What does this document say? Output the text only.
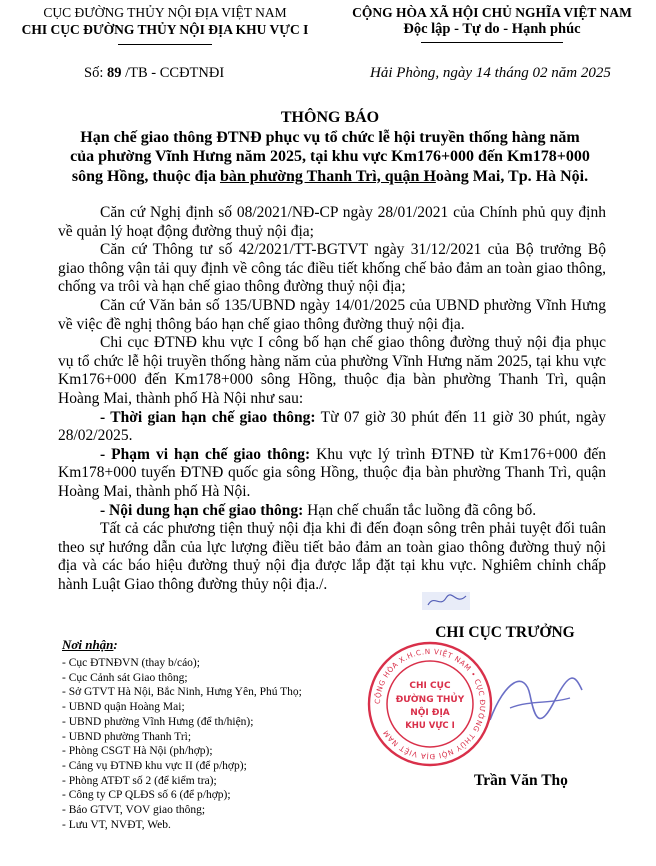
CỤC ĐƯỜNG THỦY NỘI ĐỊA VIỆT NAM
CHI CỤC ĐƯỜNG THỦY NỘI ĐỊA KHU VỰC I
CỘNG HÒA XÃ HỘI CHỦ NGHĨA VIỆT NAM
Độc lập - Tự do - Hạnh phúc
Số: 89 /TB - CCĐTNĐI	Hải Phòng, ngày 14 tháng 02 năm 2025
THÔNG BÁO
Hạn chế giao thông ĐTNĐ phục vụ tổ chức lễ hội truyền thống hàng năm
của phường Vĩnh Hưng năm 2025, tại khu vực Km176+000 đến Km178+000
sông Hồng, thuộc địa bàn phường Thanh Trì, quận Hoàng Mai, Tp. Hà Nội.

Căn cứ Nghị định số 08/2021/NĐ-CP ngày 28/01/2021 của Chính phủ quy định về quản lý hoạt động đường thuỷ nội địa;

Căn cứ Thông tư số 42/2021/TT-BGTVT ngày 31/12/2021 của Bộ trưởng Bộ giao thông vận tải quy định về công tác điều tiết khống chế bảo đảm an toàn giao thông, chống va trôi và hạn chế giao thông đường thuỷ nội địa;

Căn cứ Văn bản số 135/UBND ngày 14/01/2025 của UBND phường Vĩnh Hưng về việc đề nghị thông báo hạn chế giao thông đường thuỷ nội địa.

Chi cục ĐTNĐ khu vực I công bố hạn chế giao thông đường thuỷ nội địa phục vụ tổ chức lễ hội truyền thống hàng năm của phường Vĩnh Hưng năm 2025, tại khu vực Km176+000 đến Km178+000 sông Hồng, thuộc địa bàn phường Thanh Trì, quận Hoàng Mai, thành phố Hà Nội như sau:

- Thời gian hạn chế giao thông: Từ 07 giờ 30 phút đến 11 giờ 30 phút, ngày 28/02/2025.

- Phạm vi hạn chế giao thông: Khu vực lý trình ĐTNĐ từ Km176+000 đến Km178+000 tuyến ĐTNĐ quốc gia sông Hồng, thuộc địa bàn phường Thanh Trì, quận Hoàng Mai, thành phố Hà Nội.

- Nội dung hạn chế giao thông: Hạn chế chuẩn tắc luồng đã công bố.

Tất cả các phương tiện thuỷ nội địa khi đi đến đoạn sông trên phải tuyệt đối tuân theo sự hướng dẫn của lực lượng điều tiết bảo đảm an toàn giao thông đường thuỷ nội địa và các báo hiệu đường thuỷ nội địa được lắp đặt tại khu vực. Nghiêm chỉnh chấp hành Luật Giao thông đường thủy nội địa./.

Nơi nhận:
- Cục ĐTNĐVN (thay b/cáo);
- Cục Cảnh sát Giao thông;
- Sở GTVT Hà Nội, Bắc Ninh, Hưng Yên, Phú Thọ;
- UBND quận Hoàng Mai;
- UBND phường Vĩnh Hưng (để th/hiện);
- UBND phường Thanh Trì;
- Phòng CSGT Hà Nội (ph/hợp);
- Cảng vụ ĐTNĐ khu vực II (để p/hợp);
- Phòng ATĐT số 2 (để kiểm tra);
- Công ty CP QLĐS số 6 (để p/hợp);
- Báo GTVT, VOV giao thông;
- Lưu VT, NVĐT, Web.
CHI CỤC TRƯỞNG
CỘNG HÒA X.H.C.N VIỆT NAM • CỤC ĐƯỜNG THỦY NỘI ĐỊA VIỆT NAM
CHI CỤC
ĐƯỜNG THỦY
NỘI ĐỊA
KHU VỰC I
Trần Văn Thọ
